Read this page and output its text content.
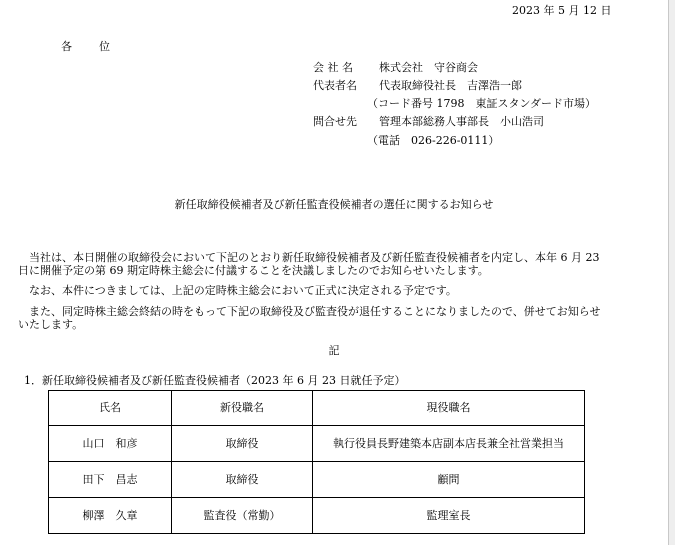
2023 年 5 月 12 日
各　位
会 社 名	株式会社　守谷商会
代表者名	代表取締役社長　吉澤浩一郎
（コード番号 1798　東証スタンダード市場）
問合せ先	管理本部総務人事部長　小山浩司
（電話　026-226-0111）
新任取締役候補者及び新任監査役候補者の選任に関するお知らせ

当社は、本日開催の取締役会において下記のとおり新任取締役候補者及び新任監査役候補者を内定し、本年 6 月 23 日に開催予定の第 69 期定時株主総会に付議することを決議しましたのでお知らせいたします。

なお、本件につきましては、上記の定時株主総会において正式に決定される予定です。

また、同定時株主総会終結の時をもって下記の取締役及び監査役が退任することになりましたので、併せてお知らせいたします。

記
1．新任取締役候補者及び新任監査役候補者（2023 年 6 月 23 日就任予定）
氏名	新役職名	現役職名
山口　和彦	取締役	執行役員長野建築本店副本店長兼全社営業担当
田下　昌志	取締役	顧問
柳澤　久章	監査役（常勤）	監理室長
